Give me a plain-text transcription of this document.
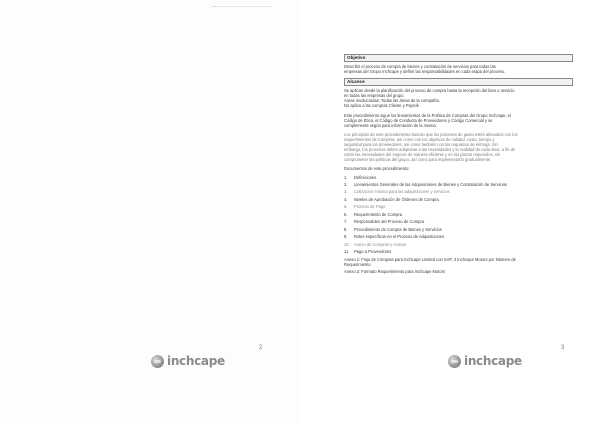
2
inchcape
Objetivo

Describir el proceso de compra de bienes y contratación de servicios para todas las
empresas del Grupo Inchcape y definir las responsabilidades en cada etapa del proceso.

Alcance

Se aplican desde la planificación del proceso de compra hasta la recepción del bien o servicio
en todas las empresas del grupo.
Áreas involucradas: Todas las áreas de la compañía.
No aplica a las compras Cliente y Payroll.

Este procedimiento sigue los lineamientos de la Política de Compras del Grupo Inchcape, el
Código de Ética, el Código de Conducta de Proveedores y Código Comercial y se
complementa según para información de la misma.

Los principios de este procedimiento buscan que los procesos de gasto estén alineados con los
requerimientos de Compras, así como con los objetivos de calidad, costo, tiempo y
seguridad para los proveedores, así como también con los requisitos de entrega. Sin
embargo, los procesos deben adaptarse a las necesidades y la realidad de cada área, a fin de
cubrir las necesidades del negocio de manera eficiente y en los plazos requeridos, sin
comprometer las políticas del grupo, así como para implementarlo gradualmente.

Documentos de este procedimiento:

1.	Definiciones
2.	Lineamientos Generales de las Adquisiciones de Bienes y Contratación de Servicios
3.	Cotización mínima para las adquisiciones y servicios
4.	Niveles de Aprobación de Órdenes de Compra
5.	Proceso de Pago
6.	Requerimiento de Compra
7.	Responsables del Proceso de Compra
8.	Procedimiento de Compra de Bienes y Servicios
9.	Roles específicos en el Proceso de Adquisiciones
10. Anexo de Compras y Activos
11. Pago a Proveedores

Anexo 1: Flujo de Compras para Inchcape Limited con SAP, 3 Inchcape Motors por Número de
Requerimiento
Anexo 2: Formato Requerimiento para Inchcape Motors

3
inchcape
